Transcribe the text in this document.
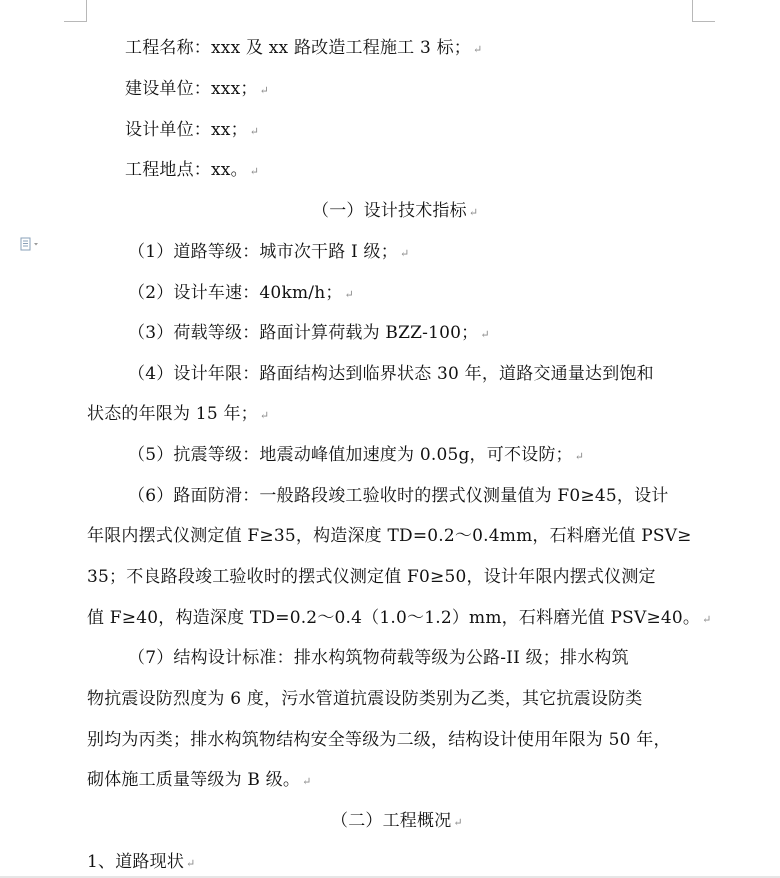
工程名称：xxx 及 xx 路改造工程施工 3 标； ↵
建设单位：xxx； ↵
设计单位：xx； ↵
工程地点：xx。 ↵
（一）设计技术指标 ↵
（1）道路等级：城市次干路 I 级； ↵
（2）设计车速：40km/h； ↵
（3）荷载等级：路面计算荷载为 BZZ-100； ↵
（4）设计年限：路面结构达到临界状态 30 年，道路交通量达到饱和
状态的年限为 15 年； ↵
（5）抗震等级：地震动峰值加速度为 0.05g，可不设防； ↵
（6）路面防滑：一般路段竣工验收时的摆式仪测量值为 F0≥45，设计
年限内摆式仪测定值 F≥35，构造深度 TD=0.2～0.4mm，石料磨光值 PSV≥
35；不良路段竣工验收时的摆式仪测定值 F0≥50，设计年限内摆式仪测定
值 F≥40，构造深度 TD=0.2～0.4（1.0～1.2）mm，石料磨光值 PSV≥40。 ↵
（7）结构设计标准：排水构筑物荷载等级为公路-II 级；排水构筑
物抗震设防烈度为 6 度，污水管道抗震设防类别为乙类，其它抗震设防类
别均为丙类；排水构筑物结构安全等级为二级，结构设计使用年限为 50 年，
砌体施工质量等级为 B 级。 ↵
（二）工程概况 ↵
1、道路现状 ↵
